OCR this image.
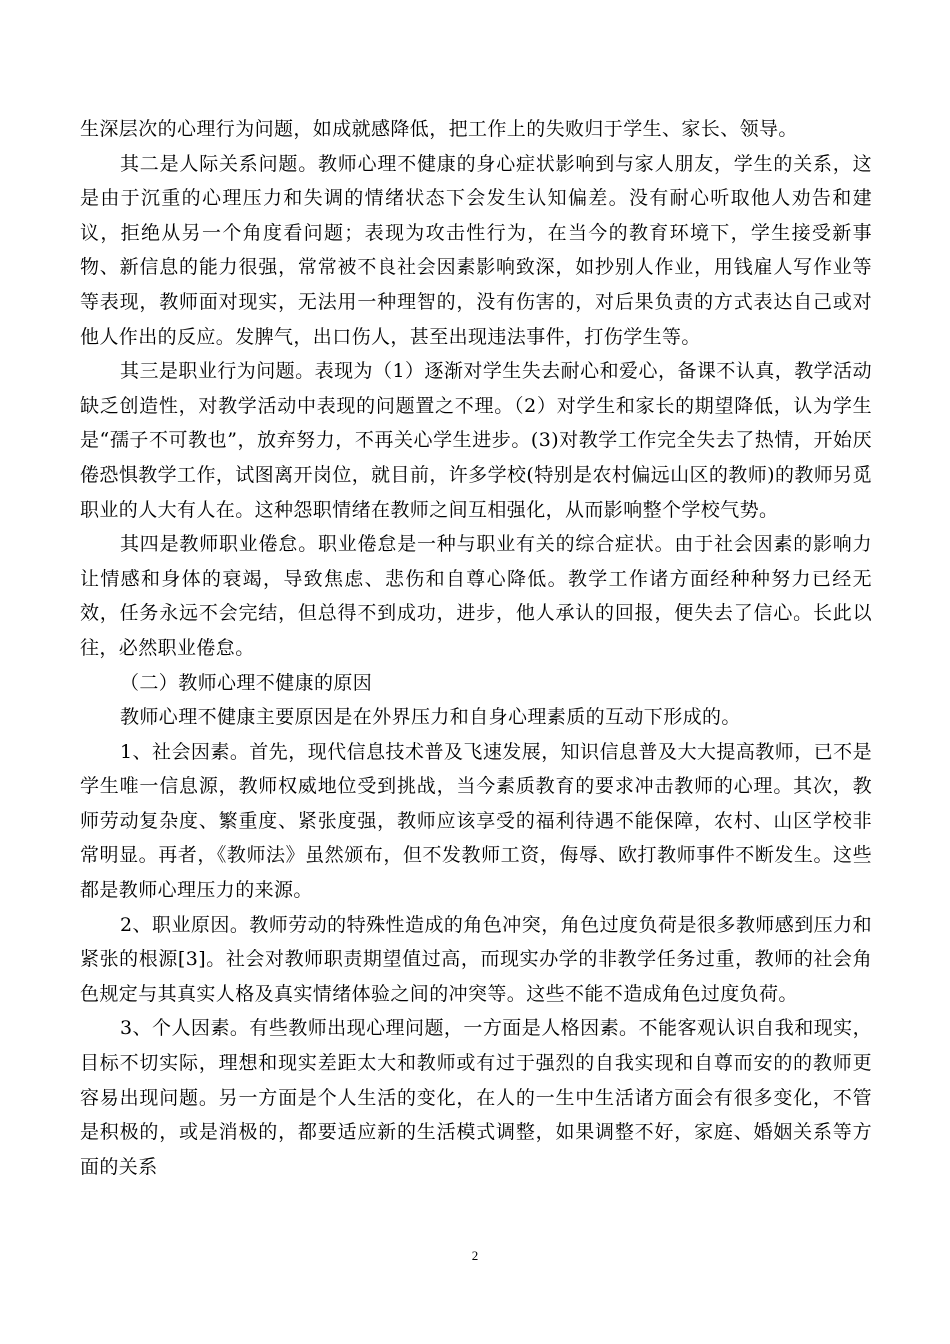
生深层次的心理行为问题，如成就感降低，把工作上的失败归于学生、家长、领导。

其二是人际关系问题。教师心理不健康的身心症状影响到与家人朋友，学生的关系，这是由于沉重的心理压力和失调的情绪状态下会发生认知偏差。没有耐心听取他人劝告和建议，拒绝从另一个角度看问题；表现为攻击性行为，在当今的教育环境下，学生接受新事物、新信息的能力很强，常常被不良社会因素影响致深，如抄别人作业，用钱雇人写作业等等表现，教师面对现实，无法用一种理智的，没有伤害的，对后果负责的方式表达自己或对他人作出的反应。发脾气，出口伤人，甚至出现违法事件，打伤学生等。

其三是职业行为问题。表现为（1）逐渐对学生失去耐心和爱心，备课不认真，教学活动缺乏创造性，对教学活动中表现的问题置之不理。（2）对学生和家长的期望降低，认为学生是“孺子不可教也”，放弃努力，不再关心学生进步。(3)对教学工作完全失去了热情，开始厌倦恐惧教学工作，试图离开岗位，就目前，许多学校(特别是农村偏远山区的教师)的教师另觅职业的人大有人在。这种怨职情绪在教师之间互相强化，从而影响整个学校气势。

其四是教师职业倦怠。职业倦怠是一种与职业有关的综合症状。由于社会因素的影响力让情感和身体的衰竭，导致焦虑、悲伤和自尊心降低。教学工作诸方面经种种努力已经无效，任务永远不会完结，但总得不到成功，进步，他人承认的回报，便失去了信心。长此以往，必然职业倦怠。

（二）教师心理不健康的原因

教师心理不健康主要原因是在外界压力和自身心理素质的互动下形成的。

1、社会因素。首先，现代信息技术普及飞速发展，知识信息普及大大提高教师，已不是学生唯一信息源，教师权威地位受到挑战，当今素质教育的要求冲击教师的心理。其次，教师劳动复杂度、繁重度、紧张度强，教师应该享受的福利待遇不能保障，农村、山区学校非常明显。再者，《教师法》虽然颁布，但不发教师工资，侮辱、欧打教师事件不断发生。这些都是教师心理压力的来源。

2、职业原因。教师劳动的特殊性造成的角色冲突，角色过度负荷是很多教师感到压力和紧张的根源[3]。社会对教师职责期望值过高，而现实办学的非教学任务过重，教师的社会角色规定与其真实人格及真实情绪体验之间的冲突等。这些不能不造成角色过度负荷。

3、个人因素。有些教师出现心理问题，一方面是人格因素。不能客观认识自我和现实，目标不切实际，理想和现实差距太大和教师或有过于强烈的自我实现和自尊而安的的教师更容易出现问题。另一方面是个人生活的变化，在人的一生中生活诸方面会有很多变化，不管是积极的，或是消极的，都要适应新的生活模式调整，如果调整不好，家庭、婚姻关系等方面的关系

2
